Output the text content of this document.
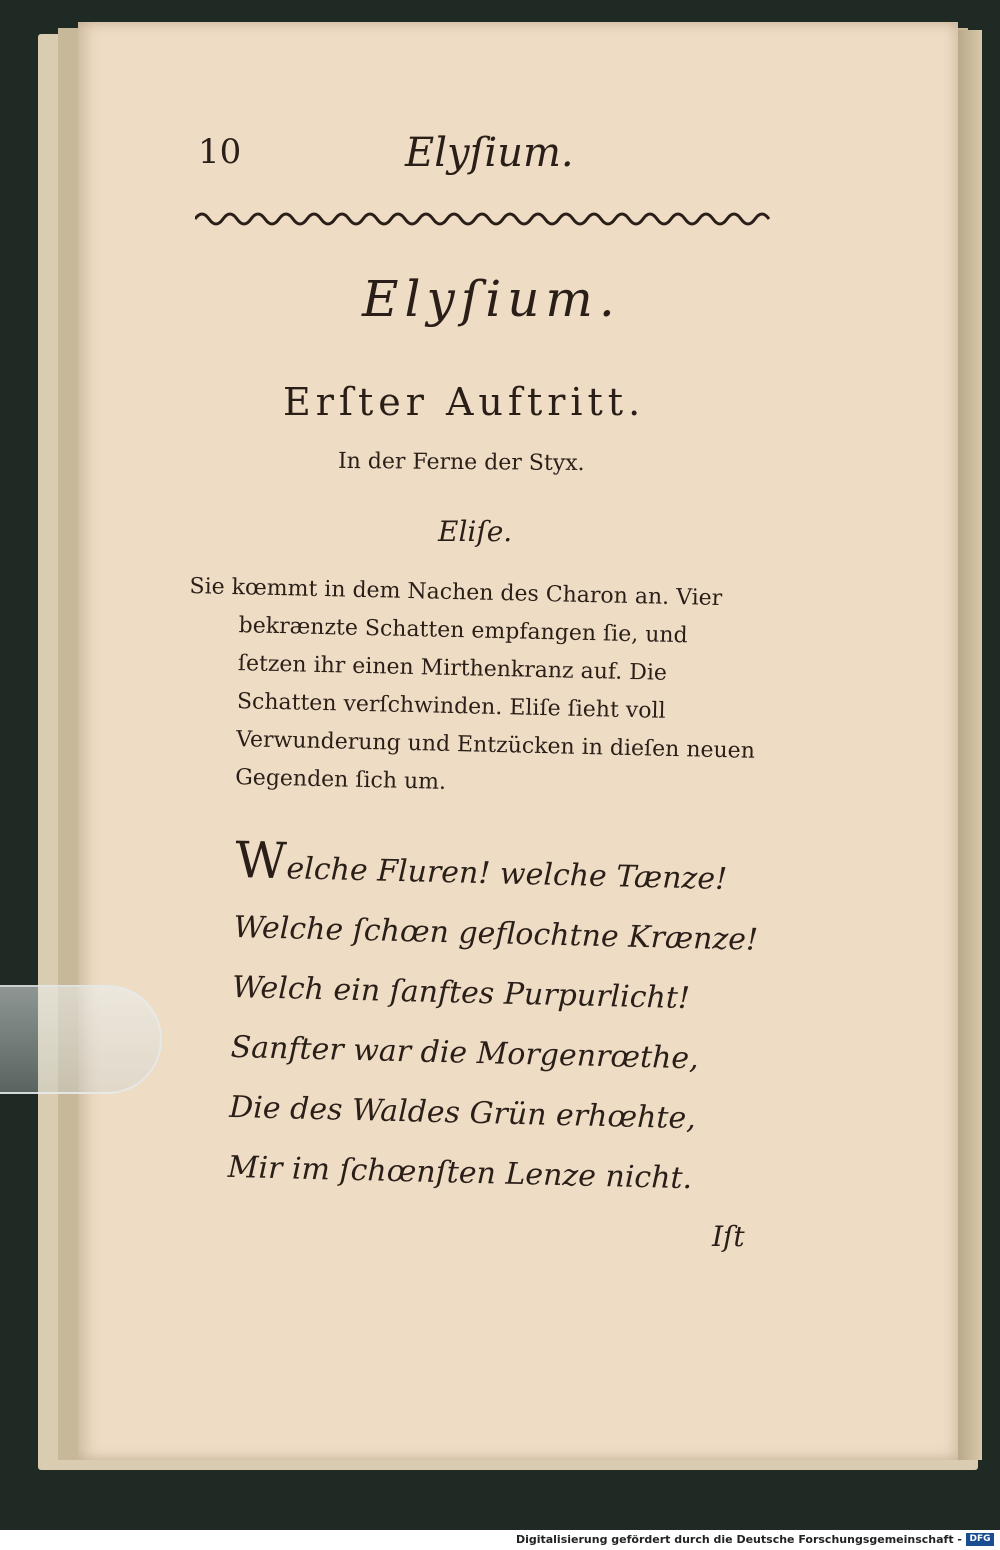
10	Elyſium.
Elyſium.
Erſter Auftritt.
In der Ferne der Styx.
Eliſe.
Sie kœmmt in dem Nachen des Charon an. Vier
bekrænzte Schatten empfangen ſie, und ſetzen ihr einen Mirthenkranz auf. Die Schatten verſchwinden. Eliſe ſieht voll Verwunderung und Entzücken in dieſen neuen Gegenden ſich um.
Welche Fluren! welche Tænze!
Welche ſchœn geflochtne Krænze!
Welch ein ſanftes Purpurlicht!
Sanfter war die Morgenrœthe,
Die des Waldes Grün erhœhte,
Mir im ſchœnſten Lenze nicht.
Iſt
Digitalisierung gefördert durch die Deutsche Forschungsgemeinschaft - DFG
